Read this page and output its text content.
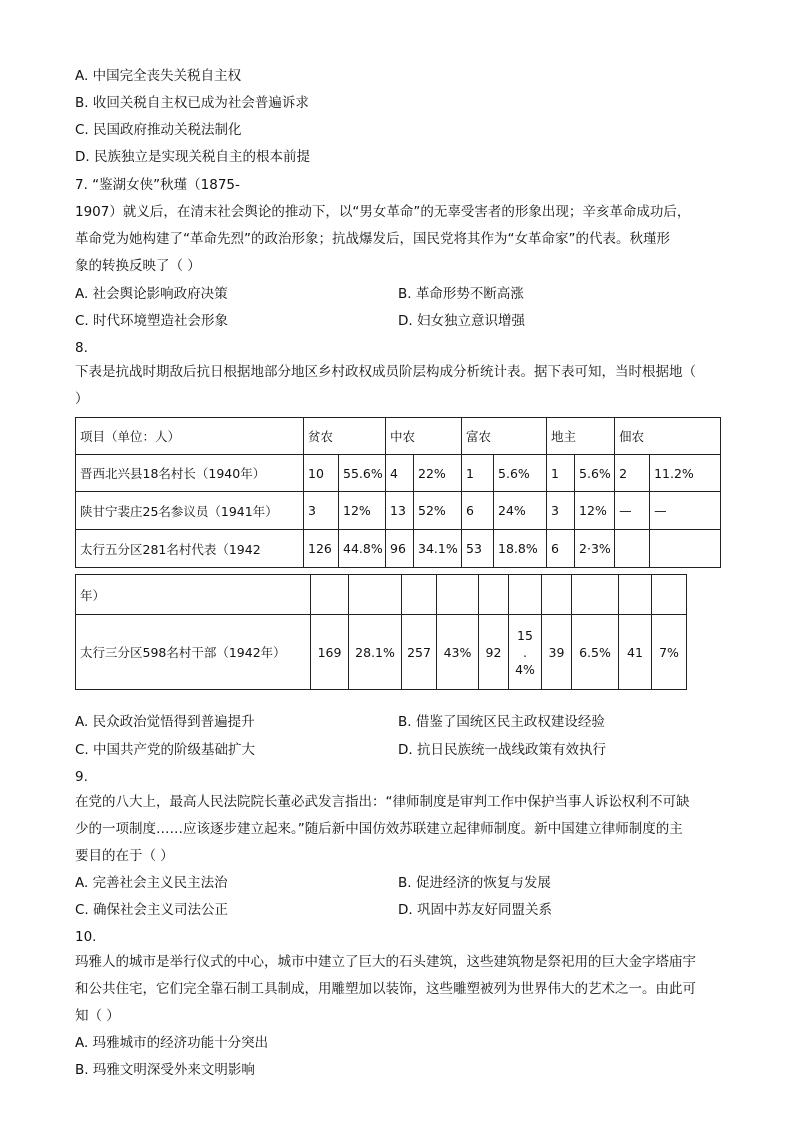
A. 中国完全丧失关税自主权
B. 收回关税自主权已成为社会普遍诉求
C. 民国政府推动关税法制化
D. 民族独立是实现关税自主的根本前提
7. “鉴湖女侠”秋瑾（1875-
1907）就义后，在清末社会舆论的推动下，以“男女革命”的无辜受害者的形象出现；辛亥革命成功后，
革命党为她构建了“革命先烈”的政治形象；抗战爆发后，国民党将其作为“女革命家”的代表。秋瑾形
象的转换反映了（ ）
A. 社会舆论影响政府决策	B. 革命形势不断高涨
C. 时代环境塑造社会形象	D. 妇女独立意识增强
8.
下表是抗战时期敌后抗日根据地部分地区乡村政权成员阶层构成分析统计表。据下表可知，当时根据地（
）
项目（单位：人）	贫农		中农		富农		地主		佃农	
晋西北兴县18名村长（1940年）	10	55.6%	4	22%	1	5.6%	1	5.6%	2	11.2%
陕甘宁裴庄25名参议员（1941年）	3	12%	13	52%	6	24%	3	12%	—	—
太行五分区281名村代表（1942	126	44.8%	96	34.1%	53	18.8%	6	2·3%		
年）										
太行三分区598名村干部（1942年）	169	28.1%	257	43%	92	15
.
4%	39	6.5%	41	7%
A. 民众政治觉悟得到普遍提升	B. 借鉴了国统区民主政权建设经验
C. 中国共产党的阶级基础扩大	D. 抗日民族统一战线政策有效执行
9.
在党的八大上，最高人民法院院长董必武发言指出：“律师制度是审判工作中保护当事人诉讼权利不可缺
少的一项制度……应该逐步建立起来。”随后新中国仿效苏联建立起律师制度。新中国建立律师制度的主
要目的在于（ ）
A. 完善社会主义民主法治	B. 促进经济的恢复与发展
C. 确保社会主义司法公正	D. 巩固中苏友好同盟关系
10.
玛雅人的城市是举行仪式的中心，城市中建立了巨大的石头建筑，这些建筑物是祭祀用的巨大金字塔庙宇
和公共住宅，它们完全靠石制工具制成，用雕塑加以装饰，这些雕塑被列为世界伟大的艺术之一。由此可
知（ ）
A. 玛雅城市的经济功能十分突出
B. 玛雅文明深受外来文明影响
